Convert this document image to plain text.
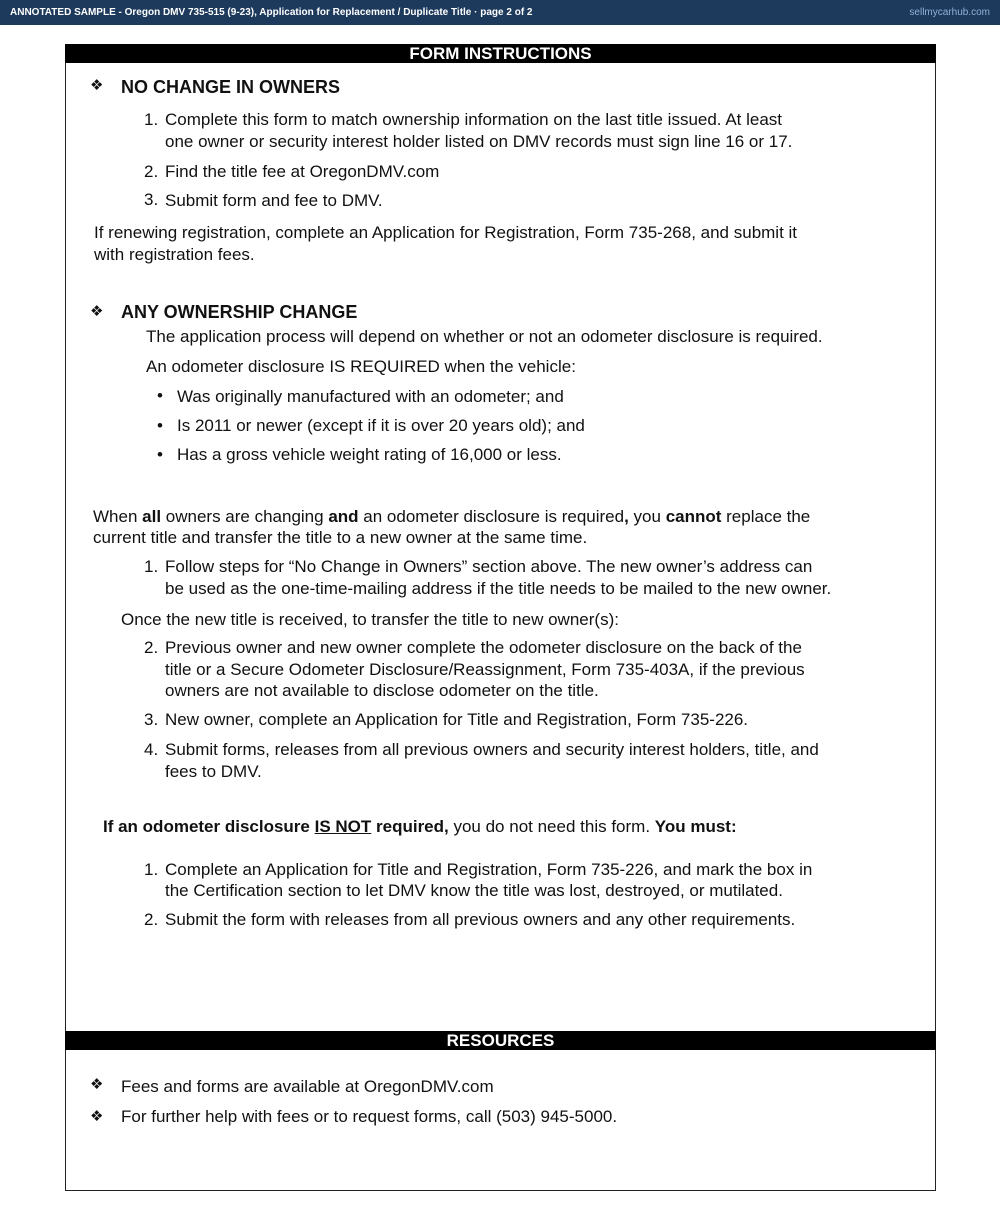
ANNOTATED SAMPLE - Oregon DMV 735-515 (9-23), Application for Replacement / Duplicate Title · page 2 of 2	sellmycarhub.com
FORM INSTRUCTIONS
❖ NO CHANGE IN OWNERS
1. Complete this form to match ownership information on the last title issued. At least
one owner or security interest holder listed on DMV records must sign line 16 or 17.
2. Find the title fee at OregonDMV.com
3. Submit form and fee to DMV.
If renewing registration, complete an Application for Registration, Form 735-268, and submit it
with registration fees.
❖ ANY OWNERSHIP CHANGE
The application process will depend on whether or not an odometer disclosure is required.
An odometer disclosure IS REQUIRED when the vehicle:
• Was originally manufactured with an odometer; and
• Is 2011 or newer (except if it is over 20 years old); and
• Has a gross vehicle weight rating of 16,000 or less.
When all owners are changing and an odometer disclosure is required, you cannot replace the
current title and transfer the title to a new owner at the same time.
1. Follow steps for “No Change in Owners” section above. The new owner’s address can
be used as the one-time-mailing address if the title needs to be mailed to the new owner.
Once the new title is received, to transfer the title to new owner(s):
2. Previous owner and new owner complete the odometer disclosure on the back of the
title or a Secure Odometer Disclosure/Reassignment, Form 735-403A, if the previous
owners are not available to disclose odometer on the title.
3. New owner, complete an Application for Title and Registration, Form 735-226.
4. Submit forms, releases from all previous owners and security interest holders, title, and
fees to DMV.
If an odometer disclosure IS NOT required, you do not need this form. You must:
1. Complete an Application for Title and Registration, Form 735-226, and mark the box in
the Certification section to let DMV know the title was lost, destroyed, or mutilated.
2. Submit the form with releases from all previous owners and any other requirements.
RESOURCES
❖ Fees and forms are available at OregonDMV.com
❖ For further help with fees or to request forms, call (503) 945-5000.
